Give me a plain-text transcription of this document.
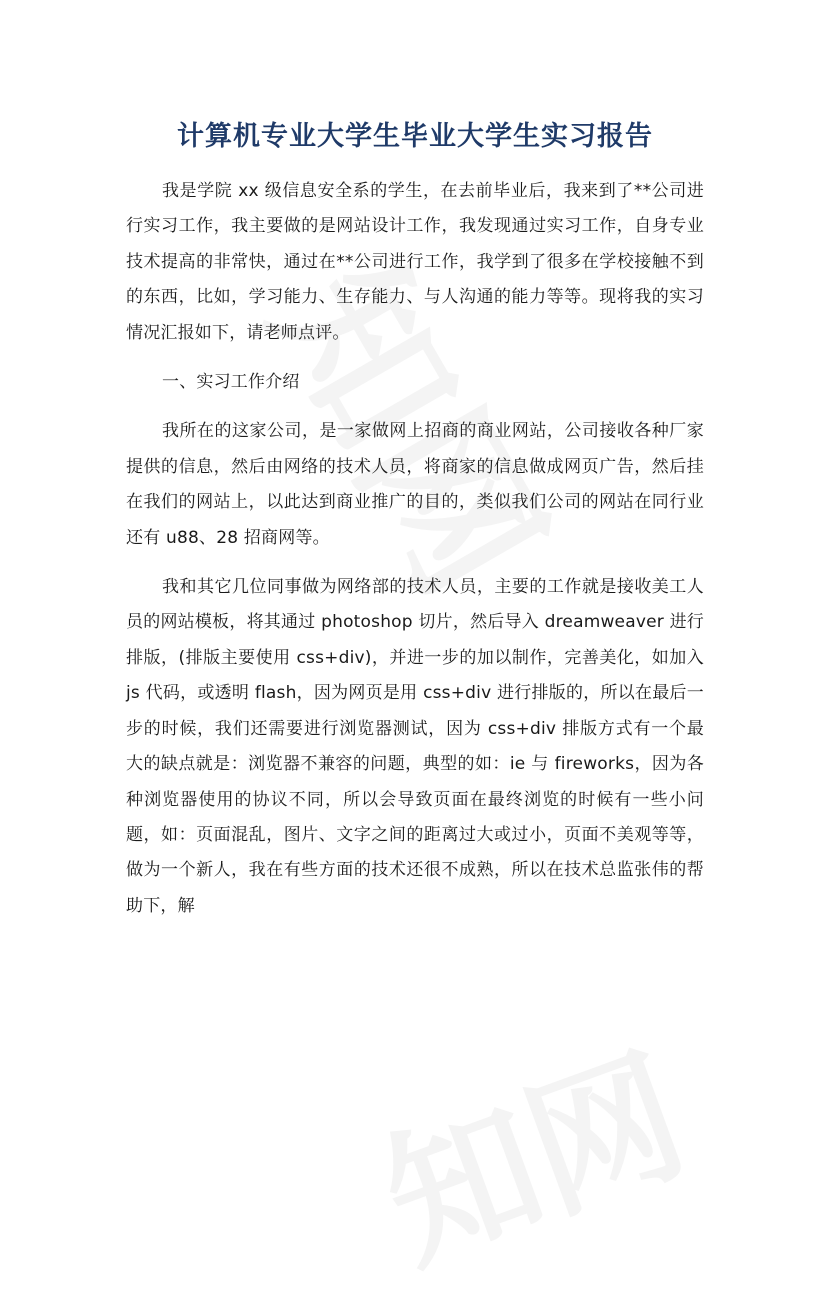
计算机专业大学生毕业大学生实习报告

我是学院 xx 级信息安全系的学生，在去前毕业后，我来到了**公司进行实习工作，我主要做的是网站设计工作，我发现通过实习工作，自身专业技术提高的非常快，通过在**公司进行工作，我学到了很多在学校接触不到的东西，比如，学习能力、生存能力、与人沟通的能力等等。现将我的实习情况汇报如下，请老师点评。

一、实习工作介绍

我所在的这家公司，是一家做网上招商的商业网站，公司接收各种厂家提供的信息，然后由网络的技术人员，将商家的信息做成网页广告，然后挂在我们的网站上，以此达到商业推广的目的，类似我们公司的网站在同行业还有 u88、28 招商网等。

我和其它几位同事做为网络部的技术人员，主要的工作就是接收美工人员的网站模板，将其通过 photoshop 切片，然后导入 dreamweaver 进行排版，(排版主要使用 css+div)，并进一步的加以制作，完善美化，如加入 js 代码，或透明 flash，因为网页是用 css+div 进行排版的，所以在最后一步的时候，我们还需要进行浏览器测试，因为 css+div 排版方式有一个最大的缺点就是：浏览器不兼容的问题，典型的如：ie 与 fireworks，因为各种浏览器使用的协议不同，所以会导致页面在最终浏览的时候有一些小问题，如：页面混乱，图片、文字之间的距离过大或过小，页面不美观等等，做为一个新人，我在有些方面的技术还很不成熟，所以在技术总监张伟的帮助下，解
